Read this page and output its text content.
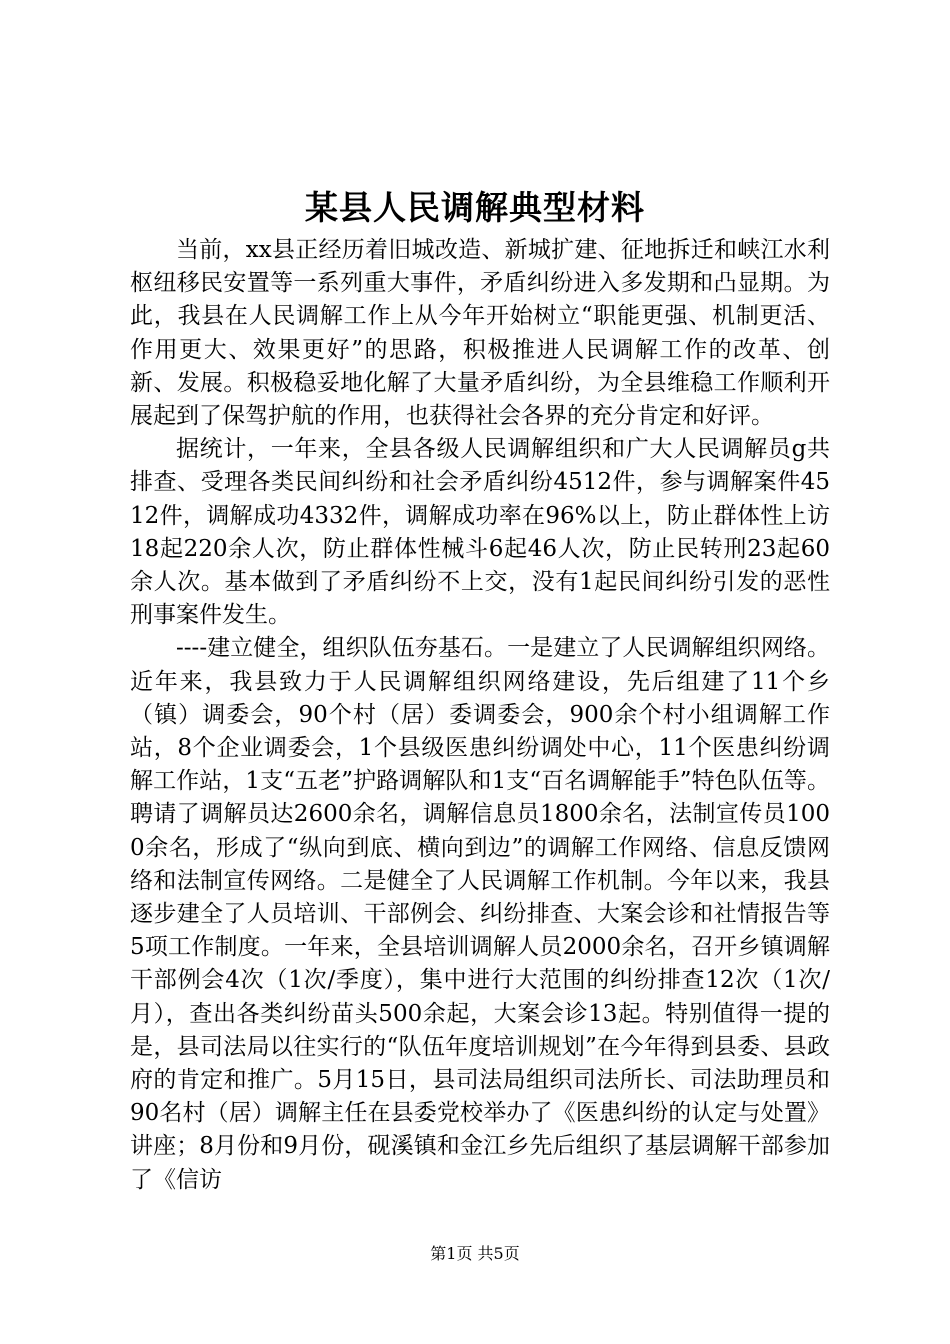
某县人民调解典型材料

当前，xx县正经历着旧城改造、新城扩建、征地拆迁和峡江水利枢纽移民安置等一系列重大事件，矛盾纠纷进入多发期和凸显期。为此，我县在人民调解工作上从今年开始树立“职能更强、机制更活、作用更大、效果更好”的思路，积极推进人民调解工作的改革、创新、发展。积极稳妥地化解了大量矛盾纠纷，为全县维稳工作顺利开展起到了保驾护航的作用，也获得社会各界的充分肯定和好评。

据统计，一年来，全县各级人民调解组织和广大人民调解员g共排查、受理各类民间纠纷和社会矛盾纠纷4512件，参与调解案件4512件，调解成功4332件，调解成功率在96%以上，防止群体性上访18起220余人次，防止群体性械斗6起46人次，防止民转刑23起60余人次。基本做到了矛盾纠纷不上交，没有1起民间纠纷引发的恶性刑事案件发生。

----建立健全，组织队伍夯基石。一是建立了人民调解组织网络。近年来，我县致力于人民调解组织网络建设，先后组建了11个乡（镇）调委会，90个村（居）委调委会，900余个村小组调解工作站，8个企业调委会，1个县级医患纠纷调处中心，11个医患纠纷调解工作站，1支“五老”护路调解队和1支“百名调解能手”特色队伍等。聘请了调解员达2600余名，调解信息员1800余名，法制宣传员1000余名，形成了“纵向到底、横向到边”的调解工作网络、信息反馈网络和法制宣传网络。二是健全了人民调解工作机制。今年以来，我县逐步建全了人员培训、干部例会、纠纷排查、大案会诊和社情报告等5项工作制度。一年来，全县培训调解人员2000余名，召开乡镇调解干部例会4次（1次/季度），集中进行大范围的纠纷排查12次（1次/月），查出各类纠纷苗头500余起，大案会诊13起。特别值得一提的是，县司法局以往实行的“队伍年度培训规划”在今年得到县委、县政府的肯定和推广。5月15日，县司法局组织司法所长、司法助理员和90名村（居）调解主任在县委党校举办了《医患纠纷的认定与处置》讲座；8月份和9月份，砚溪镇和金江乡先后组织了基层调解干部参加了《信访

第1页 共5页
